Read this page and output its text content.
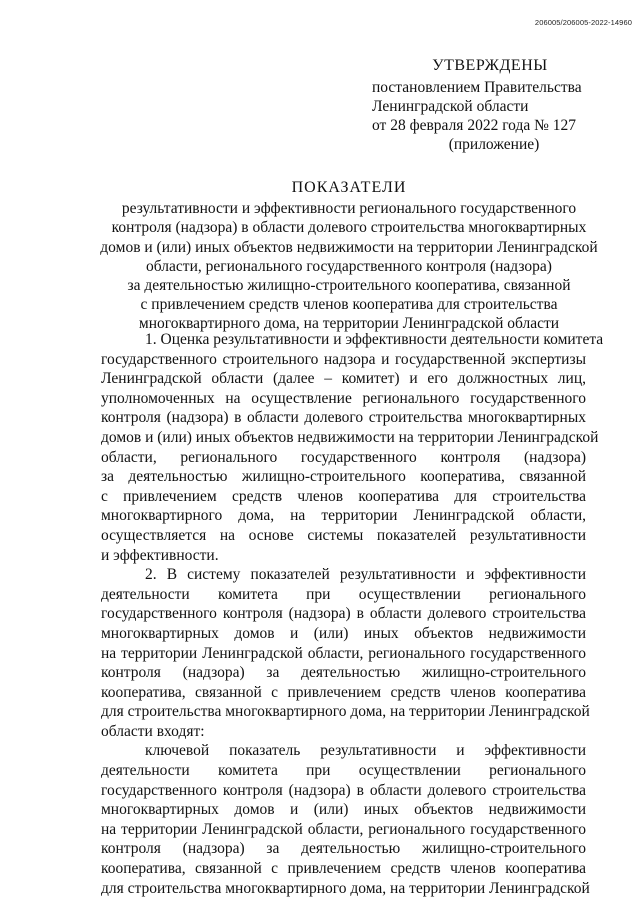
206005/206005-2022-14960
УТВЕРЖДЕНЫ
постановлением Правительства
Ленинградской области
от 28 февраля 2022 года № 127
(приложение)
ПОКАЗАТЕЛИ
результативности и эффективности регионального государственного
контроля (надзора) в области долевого строительства многоквартирных
домов и (или) иных объектов недвижимости на территории Ленинградской
области, регионального государственного контроля (надзора)
за деятельностью жилищно-строительного кооператива, связанной
с привлечением средств членов кооператива для строительства
многоквартирного дома, на территории Ленинградской области
1. Оценка результативности и эффективности деятельности комитета
государственного строительного надзора и государственной экспертизы
Ленинградской области (далее – комитет) и его должностных лиц,
уполномоченных на осуществление регионального государственного
контроля (надзора) в области долевого строительства многоквартирных
домов и (или) иных объектов недвижимости на территории Ленинградской
области, регионального государственного контроля (надзора)
за деятельностью жилищно-строительного кооператива, связанной
с привлечением средств членов кооператива для строительства
многоквартирного дома, на территории Ленинградской области,
осуществляется на основе системы показателей результативности
и эффективности.
2. В систему показателей результативности и эффективности
деятельности комитета при осуществлении регионального
государственного контроля (надзора) в области долевого строительства
многоквартирных домов и (или) иных объектов недвижимости
на территории Ленинградской области, регионального государственного
контроля (надзора) за деятельностью жилищно-строительного
кооператива, связанной с привлечением средств членов кооператива
для строительства многоквартирного дома, на территории Ленинградской
области входят:
ключевой показатель результативности и эффективности
деятельности комитета при осуществлении регионального
государственного контроля (надзора) в области долевого строительства
многоквартирных домов и (или) иных объектов недвижимости
на территории Ленинградской области, регионального государственного
контроля (надзора) за деятельностью жилищно-строительного
кооператива, связанной с привлечением средств членов кооператива
для строительства многоквартирного дома, на территории Ленинградской
